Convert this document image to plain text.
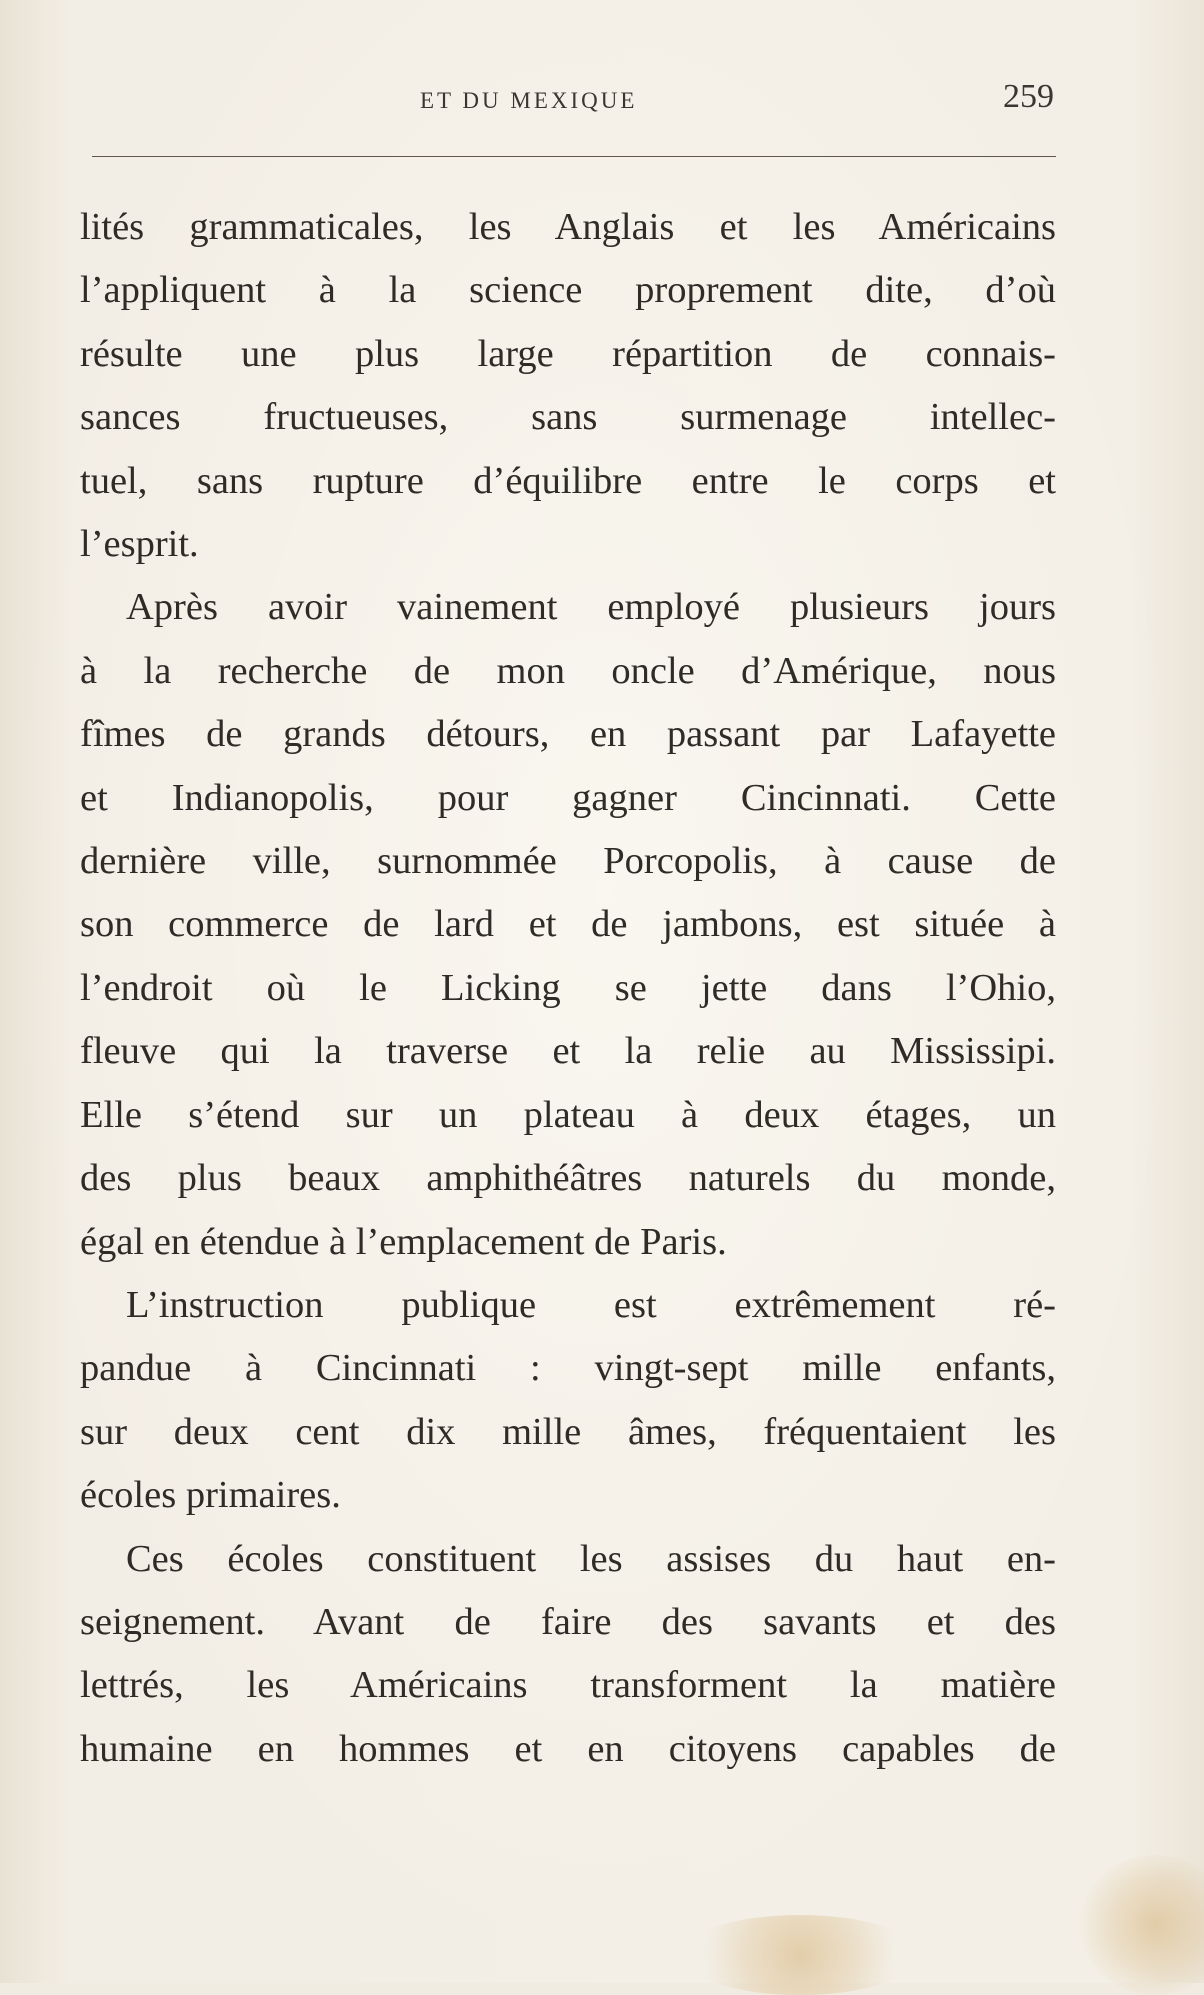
ET DU MEXIQUE	259

lités grammaticales, les Anglais et les Américains

l’appliquent à la science proprement dite, d’où

résulte une plus large répartition de connais-

sances fructueuses, sans surmenage intellec-

tuel, sans rupture d’équilibre entre le corps et

l’esprit.

Après avoir vainement employé plusieurs jours

à la recherche de mon oncle d’Amérique, nous

fîmes de grands détours, en passant par Lafayette

et Indianopolis, pour gagner Cincinnati. Cette

dernière ville, surnommée Porcopolis, à cause de

son commerce de lard et de jambons, est située à

l’endroit où le Licking se jette dans l’Ohio,

fleuve qui la traverse et la relie au Mississipi.

Elle s’étend sur un plateau à deux étages, un

des plus beaux amphithéâtres naturels du monde,

égal en étendue à l’emplacement de Paris.

L’instruction publique est extrêmement ré-

pandue à Cincinnati : vingt-sept mille enfants,

sur deux cent dix mille âmes, fréquentaient les

écoles primaires.

Ces écoles constituent les assises du haut en-

seignement. Avant de faire des savants et des

lettrés, les Américains transforment la matière

humaine en hommes et en citoyens capables de
